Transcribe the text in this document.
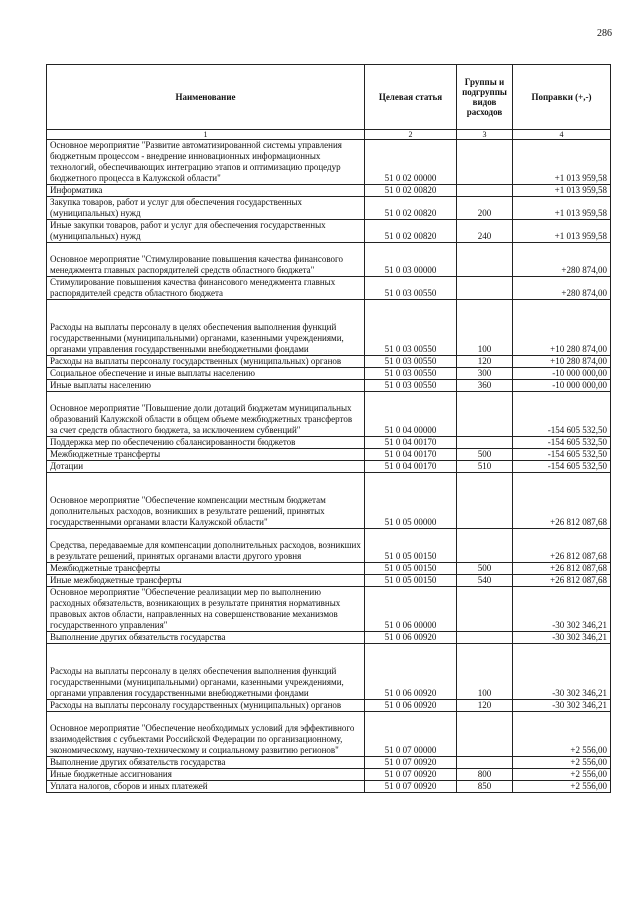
286
Наименование	Целевая статья	Группы и подгруппы видов расходов	Поправки (+,-)
1	2	3	4
Основное мероприятие "Развитие автоматизированной системы управления бюджетным процессом - внедрение инновационных информационных технологий, обеспечивающих интеграцию этапов и оптимизацию процедур бюджетного процесса в Калужской области"	51 0 02 00000		+1 013 959,58
Информатика	51 0 02 00820		+1 013 959,58
Закупка товаров, работ и услуг для обеспечения государственных (муниципальных) нужд	51 0 02 00820	200	+1 013 959,58
Иные закупки товаров, работ и услуг для обеспечения государственных (муниципальных) нужд	51 0 02 00820	240	+1 013 959,58
Основное мероприятие "Стимулирование повышения качества финансового менеджмента главных распорядителей средств областного бюджета"	51 0 03 00000		+280 874,00
Стимулирование повышения качества финансового менеджмента главных распорядителей средств областного бюджета	51 0 03 00550		+280 874,00
Расходы на выплаты персоналу в целях обеспечения выполнения функций государственными (муниципальными) органами, казенными учреждениями, органами управления государственными внебюджетными фондами	51 0 03 00550	100	+10 280 874,00
Расходы на выплаты персоналу государственных (муниципальных) органов	51 0 03 00550	120	+10 280 874,00
Социальное обеспечение и иные выплаты населению	51 0 03 00550	300	-10 000 000,00
Иные выплаты населению	51 0 03 00550	360	-10 000 000,00
Основное мероприятие "Повышение доли дотаций бюджетам муниципальных образований Калужской области в общем объеме межбюджетных трансфертов за счет средств областного бюджета, за исключением субвенций"	51 0 04 00000		-154 605 532,50
Поддержка мер по обеспечению сбалансированности бюджетов	51 0 04 00170		-154 605 532,50
Межбюджетные трансферты	51 0 04 00170	500	-154 605 532,50
Дотации	51 0 04 00170	510	-154 605 532,50
Основное мероприятие "Обеспечение компенсации местным бюджетам дополнительных расходов, возникших в результате решений, принятых государственными органами власти Калужской области"	51 0 05 00000		+26 812 087,68
Средства, передаваемые для компенсации дополнительных расходов, возникших в результате решений, принятых органами власти другого уровня	51 0 05 00150		+26 812 087,68
Межбюджетные трансферты	51 0 05 00150	500	+26 812 087,68
Иные межбюджетные трансферты	51 0 05 00150	540	+26 812 087,68
Основное мероприятие "Обеспечение реализации мер по выполнению расходных обязательств, возникающих в результате принятия нормативных правовых актов области, направленных на совершенствование механизмов государственного управления"	51 0 06 00000		-30 302 346,21
Выполнение других обязательств государства	51 0 06 00920		-30 302 346,21
Расходы на выплаты персоналу в целях обеспечения выполнения функций государственными (муниципальными) органами, казенными учреждениями, органами управления государственными внебюджетными фондами	51 0 06 00920	100	-30 302 346,21
Расходы на выплаты персоналу государственных (муниципальных) органов	51 0 06 00920	120	-30 302 346,21
Основное мероприятие "Обеспечение необходимых условий для эффективного взаимодействия с субъектами Российской Федерации по организационному, экономическому, научно-техническому и социальному развитию регионов"	51 0 07 00000		+2 556,00
Выполнение других обязательств государства	51 0 07 00920		+2 556,00
Иные бюджетные ассигнования	51 0 07 00920	800	+2 556,00
Уплата налогов, сборов и иных платежей	51 0 07 00920	850	+2 556,00
